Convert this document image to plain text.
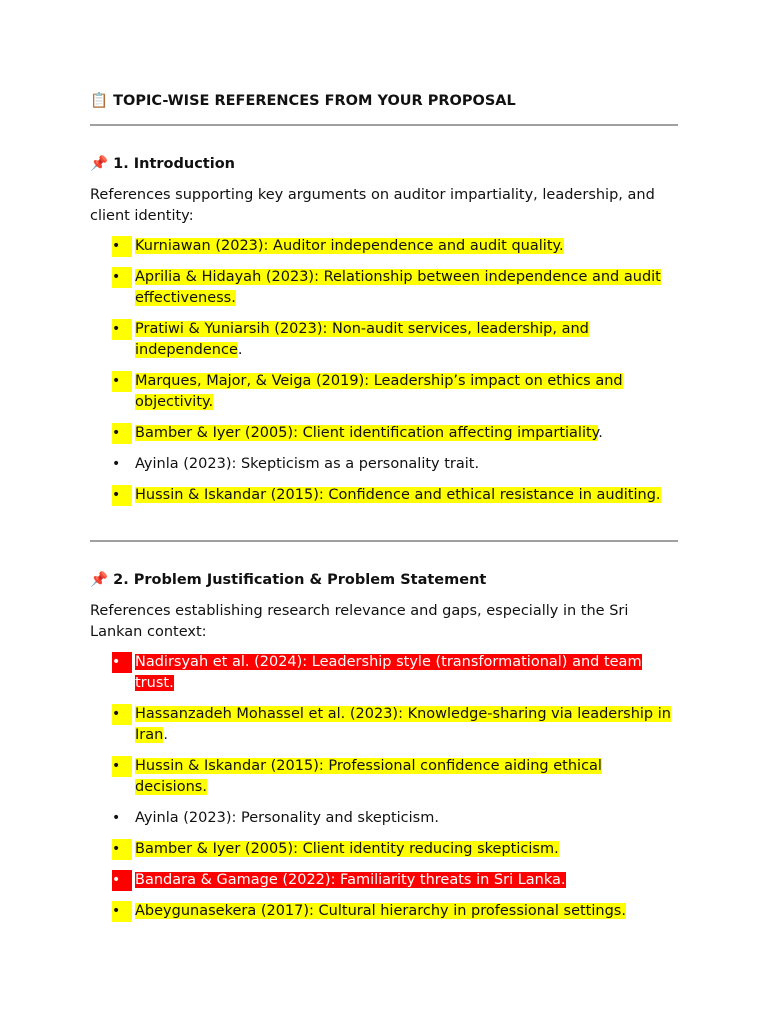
📋 TOPIC-WISE REFERENCES FROM YOUR PROPOSAL
📌 1. Introduction

References supporting key arguments on auditor impartiality, leadership, and client identity:

•	Kurniawan (2023): Auditor independence and audit quality.
•	Aprilia & Hidayah (2023): Relationship between independence and audit effectiveness.
•	Pratiwi & Yuniarsih (2023): Non-audit services, leadership, and independence.
•	Marques, Major, & Veiga (2019): Leadership’s impact on ethics and objectivity.
•	Bamber & Iyer (2005): Client identification affecting impartiality.
•	Ayinla (2023): Skepticism as a personality trait.
•	Hussin & Iskandar (2015): Confidence and ethical resistance in auditing.
📌 2. Problem Justification & Problem Statement

References establishing research relevance and gaps, especially in the Sri Lankan context:

•	Nadirsyah et al. (2024): Leadership style (transformational) and team trust.
•	Hassanzadeh Mohassel et al. (2023): Knowledge-sharing via leadership in Iran.
•	Hussin & Iskandar (2015): Professional confidence aiding ethical decisions.
•	Ayinla (2023): Personality and skepticism.
•	Bamber & Iyer (2005): Client identity reducing skepticism.
•	Bandara & Gamage (2022): Familiarity threats in Sri Lanka.
•	Abeygunasekera (2017): Cultural hierarchy in professional settings.
